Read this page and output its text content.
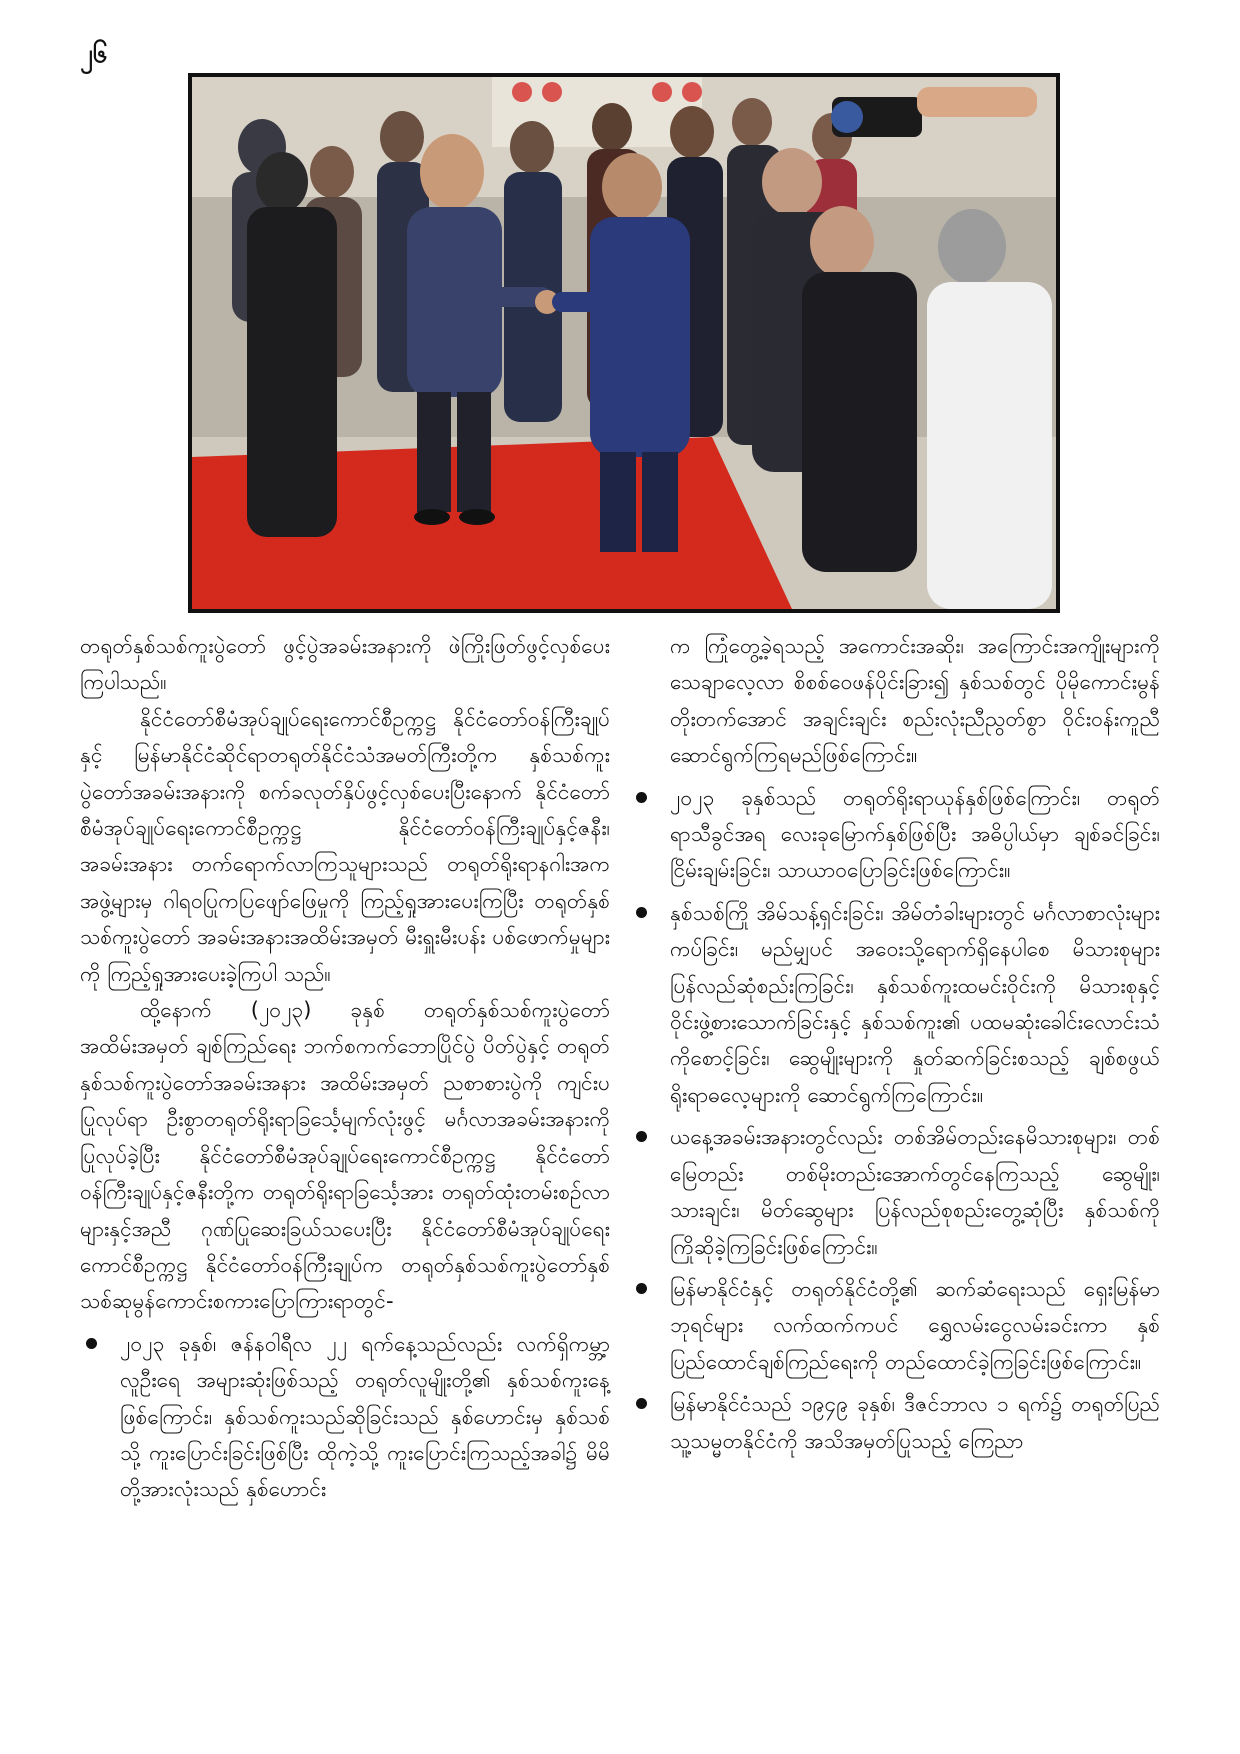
၂၆

တရုတ်နှစ်သစ်ကူးပွဲတော် ဖွင့်ပွဲအခမ်းအနားကို ဖဲကြိုးဖြတ်ဖွင့်လှစ်ပေးကြပါသည်။

နိုင်ငံတော်စီမံအုပ်ချုပ်ရေးကောင်စီဥက္ကဋ္ဌ နိုင်ငံတော်ဝန်ကြီးချုပ်နှင့် မြန်မာနိုင်ငံဆိုင်ရာတရုတ်နိုင်ငံသံအမတ်ကြီးတို့က နှစ်သစ်ကူးပွဲတော်အခမ်းအနားကို စက်ခလုတ်နှိပ်ဖွင့်လှစ်ပေးပြီးနောက် နိုင်ငံတော်စီမံအုပ်ချုပ်ရေးကောင်စီဥက္ကဋ္ဌ နိုင်ငံတော်ဝန်ကြီးချုပ်နှင့်ဇနီး၊ အခမ်းအနား တက်ရောက်လာကြသူများသည် တရုတ်ရိုးရာနဂါးအကအဖွဲ့များမှ ဂါရဝပြုကပြဖျော်ဖြေမှုကို ကြည့်ရှုအားပေးကြပြီး တရုတ်နှစ်သစ်ကူးပွဲတော် အခမ်းအနားအထိမ်းအမှတ် မီးရှူးမီးပန်း ပစ်ဖောက်မှုများကို ကြည့်ရှုအားပေးခဲ့ကြပါ သည်။

ထို့နောက် (၂၀၂၃) ခုနှစ် တရုတ်နှစ်သစ်ကူးပွဲတော်အထိမ်းအမှတ် ချစ်ကြည်ရေး ဘက်စကက်ဘောပြိုင်ပွဲ ပိတ်ပွဲနှင့် တရုတ်နှစ်သစ်ကူးပွဲတော်အခမ်းအနား အထိမ်းအမှတ် ညစာစားပွဲကို ကျင်းပပြုလုပ်ရာ ဦးစွာတရုတ်ရိုးရာခြင်္သေ့မျက်လုံးဖွင့် မင်္ဂလာအခမ်းအနားကိုပြုလုပ်ခဲ့ပြီး နိုင်ငံတော်စီမံအုပ်ချုပ်ရေးကောင်စီဥက္ကဋ္ဌ နိုင်ငံတော်ဝန်ကြီးချုပ်နှင့်ဇနီးတို့က တရုတ်ရိုးရာခြင်္သေ့အား တရုတ်ထုံးတမ်းစဉ်လာများနှင့်အညီ ဂုဏ်ပြုဆေးခြယ်သပေးပြီး နိုင်ငံတော်စီမံအုပ်ချုပ်ရေးကောင်စီဥက္ကဋ္ဌ နိုင်ငံတော်ဝန်ကြီးချုပ်က တရုတ်နှစ်သစ်ကူးပွဲတော်နှစ်သစ်ဆုမွန်ကောင်းစကားပြောကြားရာတွင်-

၂၀၂၃ ခုနှစ်၊ ဇန်နဝါရီလ ၂၂ ရက်နေ့သည်လည်း လက်ရှိကမ္ဘာ့လူဦးရေ အများဆုံးဖြစ်သည့် တရုတ်လူမျိုးတို့၏ နှစ်သစ်ကူးနေ့ဖြစ်ကြောင်း၊ နှစ်သစ်ကူးသည်ဆိုခြင်းသည် နှစ်ဟောင်းမှ နှစ်သစ်သို့ ကူးပြောင်းခြင်းဖြစ်ပြီး ထိုကဲ့သို့ ကူးပြောင်းကြသည့်အခါ၌ မိမိတို့အားလုံးသည် နှစ်ဟောင်း

က ကြုံတွေ့ခဲ့ရသည့် အကောင်းအဆိုး၊ အကြောင်းအကျိုးများကို သေချာလေ့လာ စိစစ်ဝေဖန်ပိုင်းခြား၍ နှစ်သစ်တွင် ပိုမိုကောင်းမွန်တိုးတက်အောင် အချင်းချင်း စည်းလုံးညီညွတ်စွာ ဝိုင်းဝန်းကူညီဆောင်ရွက်ကြရမည်ဖြစ်ကြောင်း။

၂၀၂၃ ခုနှစ်သည် တရုတ်ရိုးရာယုန်နှစ်ဖြစ်ကြောင်း၊ တရုတ်ရာသီခွင်အရ လေးခုမြောက်နှစ်ဖြစ်ပြီး အဓိပ္ပါယ်မှာ ချစ်ခင်ခြင်း၊ ငြိမ်းချမ်းခြင်း၊ သာယာဝပြောခြင်းဖြစ်ကြောင်း။

နှစ်သစ်ကြို အိမ်သန့်ရှင်းခြင်း၊ အိမ်တံခါးများတွင် မင်္ဂလာစာလုံးများ ကပ်ခြင်း၊ မည်မျှပင် အဝေးသို့ရောက်ရှိနေပါစေ မိသားစုများ ပြန်လည်ဆုံစည်းကြခြင်း၊ နှစ်သစ်ကူးထမင်းဝိုင်းကို မိသားစုနှင့် ဝိုင်းဖွဲ့စားသောက်ခြင်းနှင့် နှစ်သစ်ကူး၏ ပထမဆုံးခေါင်းလောင်းသံကိုစောင့်ခြင်း၊ ဆွေမျိုးများကို နှုတ်ဆက်ခြင်းစသည့် ချစ်စဖွယ်ရိုးရာဓလေ့များကို ဆောင်ရွက်ကြကြောင်း။

ယနေ့အခမ်းအနားတွင်လည်း တစ်အိမ်တည်းနေမိသားစုများ၊ တစ်မြေတည်း တစ်မိုးတည်းအောက်တွင်နေကြသည့် ဆွေမျိုး၊ သားချင်း၊ မိတ်ဆွေများ ပြန်လည်စုစည်းတွေ့ဆုံပြီး နှစ်သစ်ကိုကြိုဆိုခဲ့ကြခြင်းဖြစ်ကြောင်း။

မြန်မာနိုင်ငံနှင့် တရုတ်နိုင်ငံတို့၏ ဆက်ဆံရေးသည် ရှေးမြန်မာဘုရင်များ လက်ထက်ကပင် ရွှေလမ်းငွေလမ်းခင်းကာ နှစ်ပြည်ထောင်ချစ်ကြည်ရေးကို တည်ထောင်ခဲ့ကြခြင်းဖြစ်ကြောင်း။

မြန်မာနိုင်ငံသည် ၁၉၄၉ ခုနှစ်၊ ဒီဇင်ဘာလ ၁ ရက်၌ တရုတ်ပြည်သူ့သမ္မတနိုင်ငံကို အသိအမှတ်ပြုသည့် ကြေညာ
